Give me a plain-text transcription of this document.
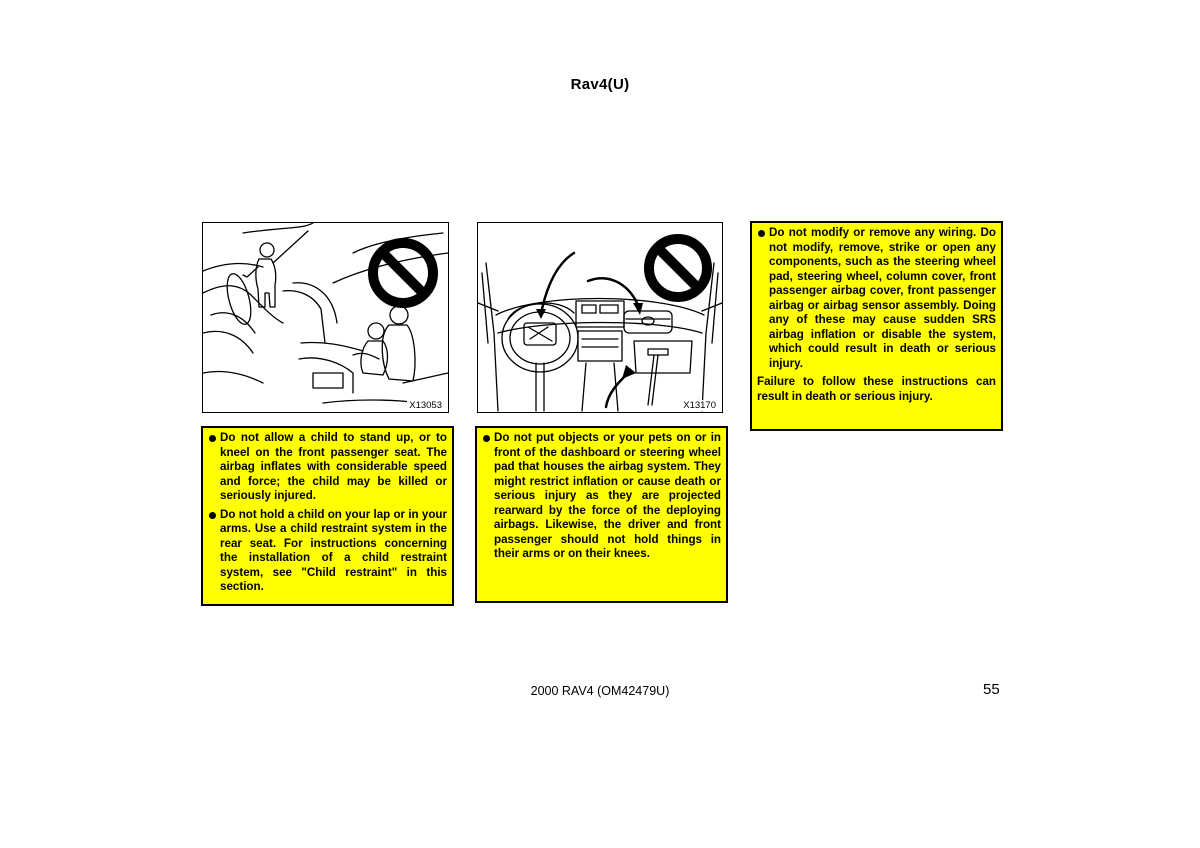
Rav4(U)
X13053	X13170
Do not modify or remove any wiring. Do not modify, remove, strike or open any components, such as the steering wheel pad, steering wheel, column cover, front passenger airbag cover, front passenger airbag or airbag sensor assembly. Doing any of these may cause sudden SRS airbag inflation or disable the system, which could result in death or serious injury.
Failure to follow these instructions can result in death or serious injury.
Do not allow a child to stand up, or to kneel on the front passenger seat. The airbag inflates with considerable speed and force; the child may be killed or seriously injured.
Do not hold a child on your lap or in your arms. Use a child restraint system in the rear seat. For instructions concerning the installation of a child restraint system, see "Child restraint" in this section.
Do not put objects or your pets on or in front of the dashboard or steering wheel pad that houses the airbag system. They might restrict inflation or cause death or serious injury as they are projected rearward by the force of the deploying airbags. Likewise, the driver and front passenger should not hold things in their arms or on their knees.
2000 RAV4 (OM42479U)	55
